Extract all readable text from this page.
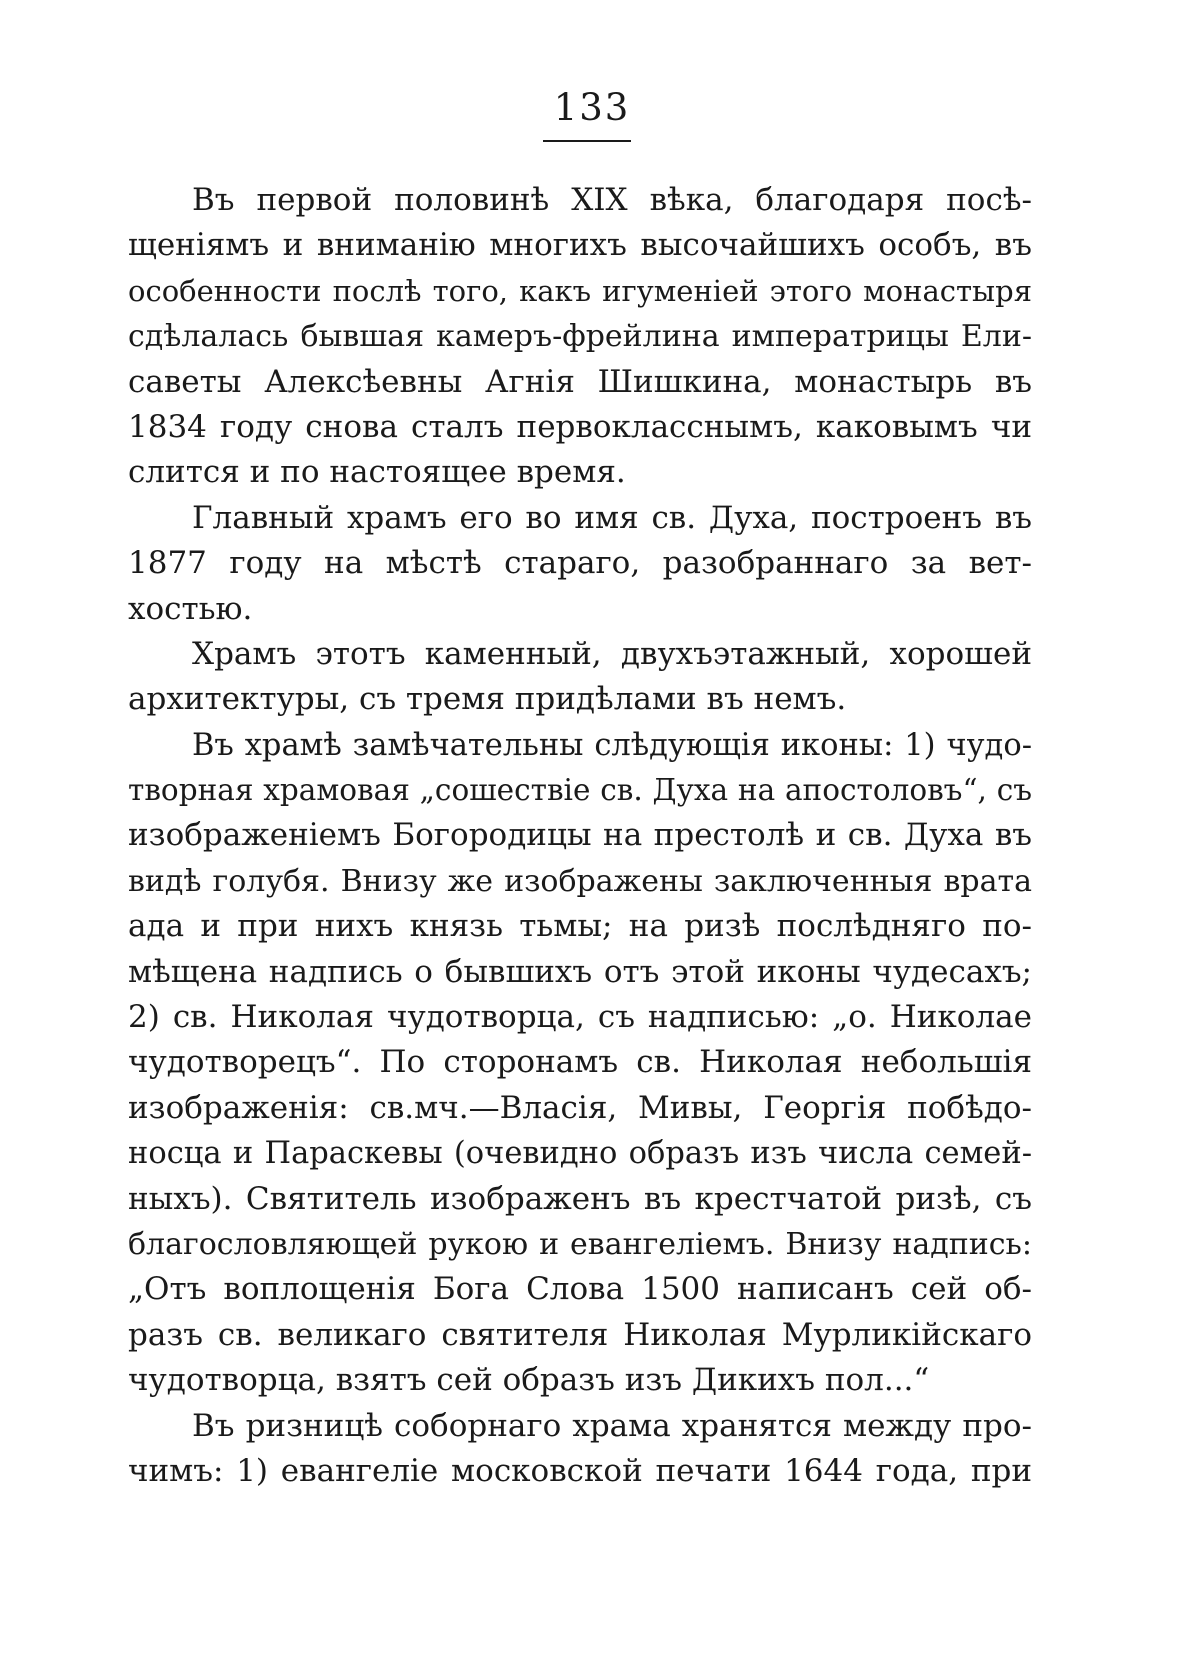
133
Въ первой половинѣ XIX вѣка, благодаря посѣ-
щеніямъ и вниманію многихъ высочайшихъ особъ, въ
особенности послѣ того, какъ игуменіей этого монастыря
сдѣлалась бывшая камеръ-фрейлина императрицы Ели-
саветы Алексѣевны Агнія Шишкина, монастырь въ
1834 году снова сталъ первокласснымъ, каковымъ чи
слится и по настоящее время.
Главный храмъ его во имя св. Духа, построенъ въ
1877 году на мѣстѣ стараго, разобраннаго за вет-
хостью.
Храмъ этотъ каменный, двухъэтажный, хорошей
архитектуры, съ тремя придѣлами въ немъ.
Въ храмѣ замѣчательны слѣдующія иконы: 1) чудо-
творная храмовая „сошествіе св. Духа на апостоловъ“, съ
изображеніемъ Богородицы на престолѣ и св. Духа въ
видѣ голубя. Внизу же изображены заключенныя врата
ада и при нихъ князь тьмы; на ризѣ послѣдняго по-
мѣщена надпись о бывшихъ отъ этой иконы чудесахъ;
2) св. Николая чудотворца, съ надписью: „о. Николае
чудотворецъ“. По сторонамъ св. Николая небольшія
изображенія: св.мч.—Власія, Мивы, Георгія побѣдо-
носца и Параскевы (очевидно образъ изъ числа семей-
ныхъ). Святитель изображенъ въ крестчатой ризѣ, съ
благословляющей рукою и евангеліемъ. Внизу надпись:
„Отъ воплощенія Бога Слова 1500 написанъ сей об-
разъ св. великаго святителя Николая Мурликійскаго
чудотворца, взятъ сей образъ изъ Дикихъ пол...“
Въ ризницѣ соборнаго храма хранятся между про-
чимъ: 1) евангеліе московской печати 1644 года, при
